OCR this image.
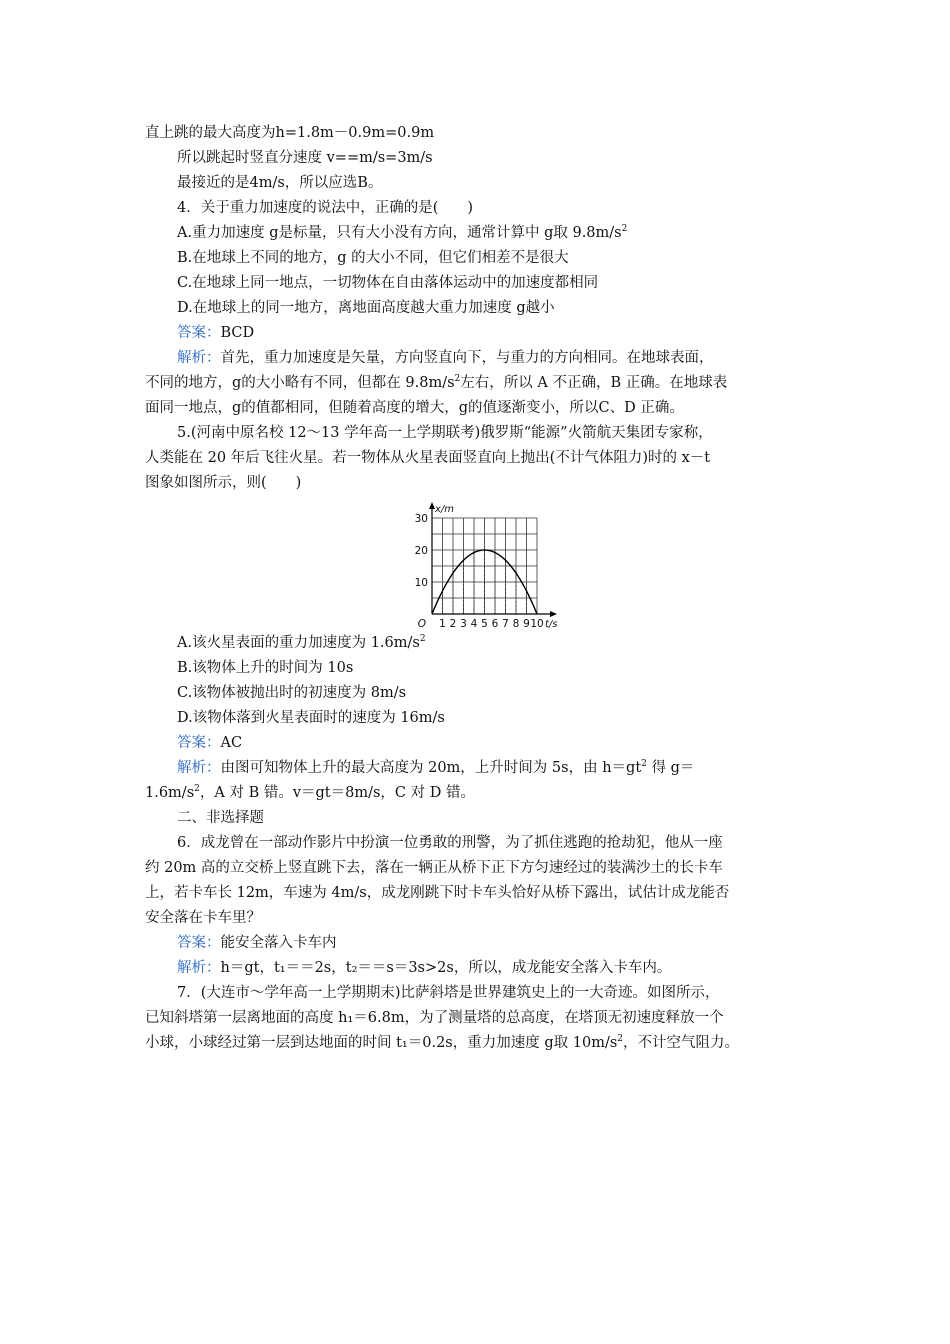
直上跳的最大高度为h=1.8m－0.9m=0.9m
所以跳起时竖直分速度 v==m/s=3m/s
最接近的是4m/s，所以应选B。
4．关于重力加速度的说法中，正确的是(　　)
A.重力加速度 g是标量，只有大小没有方向，通常计算中 g取 $9.8m/s^2$
B.在地球上不同的地方，g 的大小不同，但它们相差不是很大
C.在地球上同一地点，一切物体在自由落体运动中的加速度都相同
D.在地球上的同一地方，离地面高度越大重力加速度 g越小
答案：BCD
解析：首先，重力加速度是矢量，方向竖直向下，与重力的方向相同。在地球表面，
不同的地方，g的大小略有不同，但都在 $9.8m/s^2$左右，所以 A 不正确，B 正确。在地球表
面同一地点，g的值都相同，但随着高度的增大，g的值逐渐变小，所以C、D 正确。
5.(河南中原名校 12～13 学年高一上学期联考)俄罗斯“能源”火箭航天集团专家称，
人类能在 20 年后飞往火星。若一物体从火星表面竖直向上抛出(不计气体阻力)时的 x－t
图象如图所示，则(　　)
1 2 3 4 5 6 7 8 9 10
10
20
30
O
x/m
t/s
A.该火星表面的重力加速度为 $1.6m/s^2$
B.该物体上升的时间为 10s
C.该物体被抛出时的初速度为 8m/s
D.该物体落到火星表面时的速度为 16m/s
答案：AC
解析：由图可知物体上升的最大高度为 20m，上升时间为 5s，由 $h=gt^2$ 得 g＝
$1.6m/s^2$，A 对 B 错。v＝gt＝8m/s，C 对 D 错。
二、非选择题
6．成龙曾在一部动作影片中扮演一位勇敢的刑警，为了抓住逃跑的抢劫犯，他从一座
约 20m 高的立交桥上竖直跳下去，落在一辆正从桥下正下方匀速经过的装满沙土的长卡车
上，若卡车长 12m，车速为 4m/s，成龙刚跳下时卡车头恰好从桥下露出，试估计成龙能否
安全落在卡车里？
答案：能安全落入卡车内
解析：h＝gt，t₁＝＝2s，t₂＝＝s＝3s>2s，所以，成龙能安全落入卡车内。
7．(大连市～学年高一上学期期末)比萨斜塔是世界建筑史上的一大奇迹。如图所示，
已知斜塔第一层离地面的高度 h₁＝6.8m，为了测量塔的总高度，在塔顶无初速度释放一个
小球，小球经过第一层到达地面的时间 t₁＝0.2s，重力加速度 g取 $10m/s^2$，不计空气阻力。
